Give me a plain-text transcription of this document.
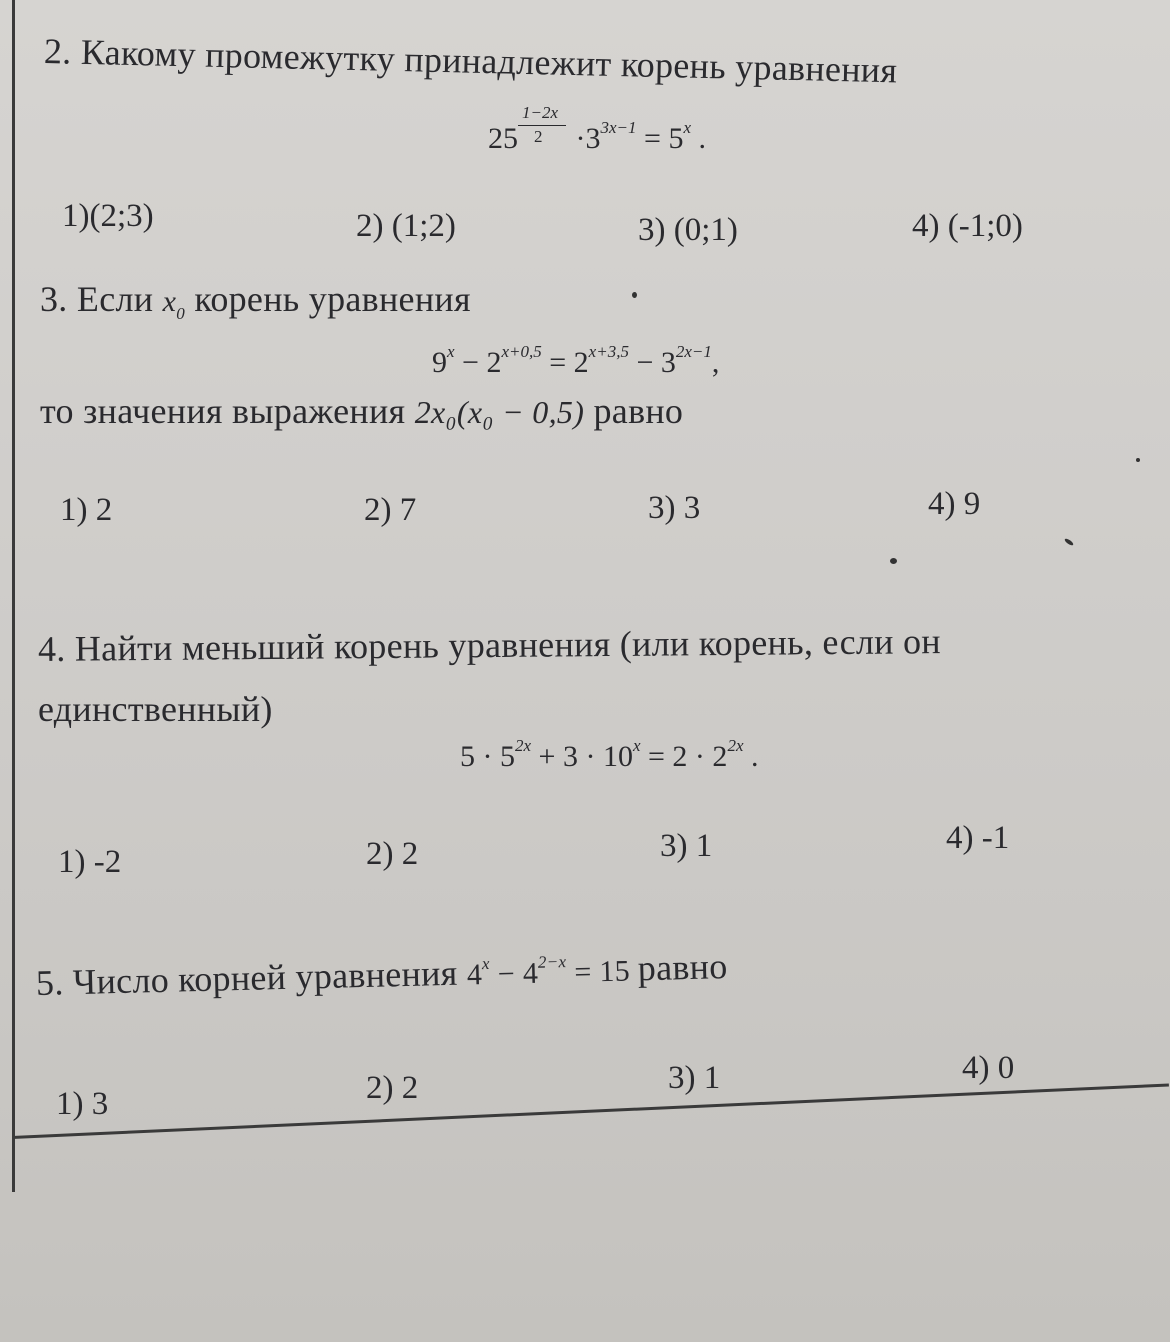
2. Какому промежутку принадлежит корень уравнения
$25 \frac{1-2x}{2} \cdot 3^{3x-1} = 5^x$ .
1)(2;3)	2) (1;2)	3) (0;1)	4) (-1;0)
3. Если $x_0$ корень уравнения
$9^x - 2^{x+0,5} = 2^{x+3,5} - 3^{2x-1}$,
то значения выражения 2x₀(x₀ − 0,5) равно
1) 2	2) 7	3) 3	4) 9
4. Найти меньший корень уравнения (или корень, если он
единственный)
$5 \cdot 5^{2x} + 3 \cdot 10^x = 2 \cdot 2^{2x}$ .
1) -2	2) 2	3) 1	4) -1
5. Число корней уравнения $4^x - 4^{2-x} = 15$ равно
1) 3	2) 2	3) 1	4) 0
